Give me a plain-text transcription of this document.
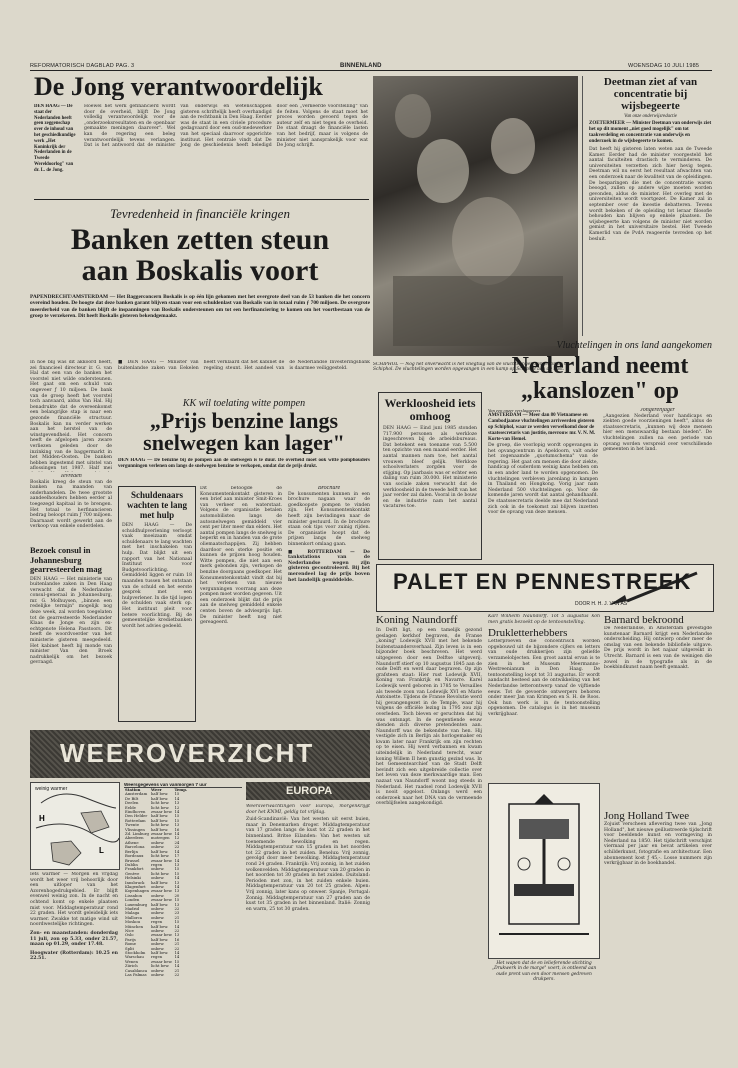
REFORMATORISCH DAGBLAD PAG. 3	BINNENLAND	WOENSDAG 10 JULI 1985
De Jong verantwoordelijk
DEN HAAG — De staat der Nederlanden heeft geen zeggenschap over de inhoud van het geschiedkundige werk „Het Koninkrijk der Nederlanden in de Tweede Wereldoorlog" van dr. L. de Jong.
Hoewel het werk gefinancierd wordt door de overheid, blijft De Jong volledig verantwoordelijk voor de „onderzoeksresultaten en de openbaar gemaakte meningen daarover". Wel kan de regering een beleg verantwoordelijk tevens verlangen. Dat is het antwoord dat de minister van onderwijs en wetenschappen gisteren schriftelijk heeft overhandigd aan de rechtbank in Den Haag. Eerder was de staat in een civiele procedure gedagvaard door een oud-medewerker van het speciaal daarvoor opgerichte instituut. Het centrale vindt dat De Jong de geschiedenis heeft beledigd door een „verkeerde voorstelling" van de feiten. Volgens de staat moet het proces worden gevoerd tegen de auteur zelf en niet tegen de overheid. De staat draagt de financiële lasten van het bedrijf, maar is volgens de minister niet aansprakelijk voor wat De Jong schrijft.
SCHIPHOL — Nog net onverwacht is het vliegtuig van de vluchtelingen aangekomen op Schiphol. De vluchtelingen worden opgevangen in een kamp op Schiphol aan de kust.
Deetman ziet af van concentratie bij wijsbegeerte
Van onze onderwijsredactie
ZOETERMEER — Minister Deetman van onderwijs ziet het op dit moment „niet goed mogelijk" om tot taakverdeling en concentratie van onderwijs en onderzoek in de wijsbegeerte te komen.
Dat heeft hij gisteren laten weten aan de Tweede Kamer. Eerder had de minister voorgesteld het aantal faculteiten drastisch te verminderen. De universiteiten verzetten zich hier hevig tegen. Deetman wil nu eerst het resultaat afwachten van een onderzoek naar de kwaliteit van de opleidingen. De besparingen die met de concentratie waren beoogd, zullen op andere wijze moeten worden gevonden, aldus de minister. Het overleg met de universiteiten wordt voortgezet. De Kamer zal in september over de kwestie debatteren. Tevens wordt bekeken of de opleiding tot leraar filosofie behouden kan blijven op enkele plaatsen. De wijsbegeerte kan volgens de minister niet worden gemist in het universitaire bestel. Het Tweede Kamerlid van de PvdA reageerde tevreden op het besluit.
Tevredenheid in financiële kringen
Banken zetten steun
aan Boskalis voort
PAPENDRECHT/AMSTERDAM — Het Baggerconcern Boskalis is op één lijn gekomen met het overgrote deel van de 53 banken die het concern overeind houden. De hoogte dat deze banken garant blijven staan voor een schuldenlast van Boskalis van in totaal ruim ƒ 700 miljoen. De overgrote meerderheid van de banken blijft de inspanningen van Boskalis ondersteunen om tot een herfinanciering te komen om het voortbestaan van de groep te verzekeren. Dit heeft Boskalis gisteren bekendgemaakt.
In hoe blij was dit akkoord heeft, zei financieel directeur ir. G. van Hal dat een van de banken het voorstel niet wilde ondersteunen. Het gaat om een schuld van ongeveer ƒ 10 miljoen. De bank van de groep heeft het voorstel toch aanvaard, aldus Van Hal. Hij benadrukte dat de overeenkomst een belangrijke stap is naar een gezonde financiële structuur. Boskalis kan nu verder werken aan het herstel van de winstgevendheid. Het concern heeft de afgelopen jaren zware verliezen geleden door de inzinking van de baggermarkt in het Midden-Oosten. De banken hebben ingestemd met uitstel van aflossingen tot 1987. Half mei
Tevreden
Boskalis kreeg de steun van de banken na maanden van onderhandelen. De twee grootste aandeelhouders hebben eerder al toegezegd kapitaal in te brengen. Het totaal te herfinancieren bedrag beloopt ruim ƒ 700 miljoen. Daarnaast wordt gewerkt aan de verkoop van enkele onderdelen.
■ DEN HAAG — Minister van buitenlandse zaken van Eekelen heeft verklaard dat het kabinet de regeling steunt. Het aandeel van de Nederlandse Investeringsbank is daarmee veiliggesteld.
Bezoek consul in Johannesburg gearresteerden mag
DEN HAAG — Het ministerie van buitenlandse zaken in Den Haag verwacht dat de Nederlandse consul-generaal in Johannesburg, mr. G. Molhuysen, „binnen een redelijke termijn" mogelijk nog deze week, zal worden toegelaten tot de gearresteerde Nederlander Klaas de Jonge en zijn ex-echtgenote Helena Passtoors. Dit heeft de woordvoerder van het ministerie gisteren meegedeeld. Het kabinet heeft bij monde van minister Van den Broek nadrukkelijk om het bezoek gevraagd.
KK wil toelating witte pompen
„Prijs benzine langs
snelwegen kan lager"
DEN HAAG — De benzine bij de pompen aan de snelwegen is te duur. De overheid moet ook witte pomphouders vergunningen verlenen om langs de snelwegen benzine te verkopen, omdat dat de prijs drukt.
Schuldenaars wachten te lang met hulp
DEN HAAG — De schuldhulpverlening verloopt vaak moeizaam omdat schuldenaars te lang wachten met het inschakelen van hulp. Dat blijkt uit een rapport van het Nationaal Instituut voor Budgetvoorlichting. Gemiddeld liggen er ruim 18 maanden tussen het ontstaan van de schuld en het eerste gesprek met een hulpverlener. In die tijd lopen de schulden vaak sterk op. Het instituut pleit voor betere voorlichting. Bij de gemeentelijke kredietbanken wordt het advies gedeeld.
Dit betoogde de Konsumentenkontakt gisteren in een brief aan minister Smit-Kroes van verkeer en waterstaat. Volgens de organisatie betalen automobilisten langs de autosnelwegen gemiddeld vier cent per liter meer dan elders. Het aantal pompen langs de snelweg is beperkt en in handen van de grote oliemaatschappijen. Zij hebben daardoor een sterke positie en kunnen de prijzen hoog houden. Witte pompen, die niet aan een merk gebonden zijn, verkopen de benzine doorgaans goedkoper. Het Konsumentenkontakt vindt dat bij het verlenen van nieuwe vergunningen voorrang aan deze pompen moet worden gegeven. Uit een onderzoek blijkt dat de prijs aan de snelweg gemiddeld enkele centen boven de adviesprijs ligt. De minister heeft nog niet gereageerd.
Brochure
De konsumenten kunnen in een brochure nagaan waar de goedkoopste pompen te vinden zijn. Het Konsumentenkontakt heeft zijn bevindingen naar de minister gestuurd. In de brochure staan ook tips voor zuinig rijden. De organisatie hoopt dat de prijzen langs de snelweg binnenkort omlaag gaan.
■ ROTTERDAM — De tankstations van de Nederlandse wegen zijn gisteren gecontroleerd. Bij het merendeel lag de prijs boven het landelijk gemiddelde.
Werkloosheid iets omhoog
DEN HAAG — Eind juni 1985 stonden 717.900 personen als werkloze ingeschreven bij de arbeidsbureaus. Dat betekent een toename van 5.500 ten opzichte van een maand eerder. Het aantal mannen nam toe, het aantal vrouwen bleef gelijk. Werkloze schoolverlaters zorgden voor de stijging. Op jaarbasis was er echter een daling van ruim 30.000. Het ministerie van sociale zaken verwacht dat de werkloosheid in de tweede helft van het jaar verder zal dalen. Vooral in de bouw en de industrie nam het aantal vacatures toe.
Vluchtelingen in ons land aangekomen
Nederland neemt
„kanslozen" op
Van een onzer verslaggevers
AMSTERDAM — Meer dan 80 Vietnamese en Cambodjaanse vluchtelingen arriveerden gisteren op Schiphol, waar ze werden verwelkomd door de staatssecretaris van justitie, mevrouw mr. V. N. M. Korte-van Hemel.
De groep, die voorlopig wordt opgevangen in het opvangcentrum in Apeldoorn, valt onder het zogenaamde „quotumschema" van de regering. Het gaat om mensen die door ziekte, handicap of ouderdom weinig kans hebben om in een ander land te worden opgenomen. De vluchtelingen verbleven jarenlang in kampen in Thailand en Hongkong. Vorig jaar nam Nederland 500 vluchtelingen op. Voor de komende jaren wordt dat aantal gehandhaafd. De staatssecretaris deelde mee dat Nederland zich ook in de toekomst zal blijven inzetten voor de opvang van deze mensen.
Jongerenjager
„Aangezien Nederland voor handicaps en ziekten goede voorzieningen heeft", aldus de staatssecretaris, „kunnen wij deze mensen hier een menswaardig bestaan bieden". De vluchtelingen zullen na een periode van opvang worden verspreid over verschillende gemeenten in het land.
PALET EN PENNESTREEK
DOOR H. H. J. VAN AS
Koning Naundorff
In Delft ligt, op een tamelijk gezond geslagen kerkhof begraven, de Franse „koning" Lodewijk XVII met het bekende buitenstaandersverhaal. Zijn leven is in een bijzonder boek beschreven. Het werd uitgegeven door een Delftse uitgeverij. Naundorff stierf op 10 augustus 1845 aan de oude Delft en werd daar begraven. Op zijn grafsteen staat: Hier rust Lodewijk XVII, Koning van Frankrijk en Navarre. Karel Lodewijk werd geboren in 1785 te Versailles als tweede zoon van Lodewijk XVI en Marie Antoinette. Tijdens de Franse Revolutie werd hij gevangengezet in de Temple, waar hij volgens de officiële lezing in 1795 zou zijn overleden. Toch bleven er geruchten dat hij was ontsnapt. In de negentiende eeuw dienden zich diverse pretendenten aan. Naundorff was de bekendste van hen. Hij vestigde zich in Berlijn als horlogemaker en kwam later naar Frankrijk om zijn rechten op te eisen. Hij werd verbannen en kwam uiteindelijk in Nederland terecht, waar koning Willem II hem gunstig gezind was. In het Gemeentearchief van de Stadt Delft bevindt zich een uitgebreide collectie over het leven van deze merkwaardige man. Een nazaat van Naundorff woont nog steeds in Nederland. Het raadsel rond Lodewijk XVII is nooit opgelost. Onlangs werd een onderzoek naar het DNA van de vermeende overblijfselen aangekondigd.
Karl Wilhelm Naundorff. Tot 5 augustus kon men gratis bezoekt op de tentoonstelling.
Drukletterhebbers
Letterproeven die concentrisch worden opgebouwd uit de bijzondere cijfers en letters van oude drukkerijen zijn geliefde verzamelobjecten. Een groot aantal ervan is te zien in het Museum Meermanno-Westreenianum in Den Haag. De tentoonstelling loopt tot 31 augustus. Er wordt aandacht besteed aan de ontwikkeling van het Nederlandse letterontwerp vanaf de vijftiende eeuw. Tot de gevoerde ontwerpers behoren onder meer Jan van Krimpen en S. H. de Roos. Ook hun werk is in de tentoonstelling opgenomen. De catalogus is in het museum verkrijgbaar.
Het wapen dat de en lelieferende stichting „Drukwerk in de marge" voert, is ontleend aan oude prent van een door mensen gedreven drukpers.
Barnard bekroond
De Nederlandse, in Amsterdam gevestigde kunstenaar Barnard krijgt een Nederlandse onderscheiding. Hij ontwierp onder meer de omslag van een bekende bibliofiele uitgave. De prijs wordt in het najaar uitgereikt in Utrecht. Barnard is een van de weinigen die zowel in de typografie als in de boekbindkunst naam heeft gemaakt.
Jong Holland Twee
Zojuist verscheen aflevering twee van „Jong Holland", het nieuwe geillustreerde tijdschrift voor beeldende kunst en vormgeving in Nederland na 1850. Het tijdschrift verschijnt viermaal per jaar en bevat artikelen over schilderkunst, fotografie en architectuur. Een abonnement kost ƒ 45,-. Losse nummers zijn verkrijgbaar in de boekhandel.
WEEROVERZICHT
H
L
weinig warmer
Iets warmer — Morgen en vrijdag wordt het weer vrij behoorlijk door een uitloper van het Azorenhogedrukgebied. Er blijft evenwel weinig zon. In de nacht en ochtend komt op enkele plaatsen mist voor. Middagtemperatuur rond 22 graden. Het wordt geleidelijk iets warmer. Zwakke tot matige wind uit noordwestelijke richtingen.
Zon- en maanstanden: donderdag 11 juli, zon op 5.33, onder 21.57, maan op 01.29, onder 17.48.
Hoogwater (Rotterdam): 10.25 en 22.51.
Weersgegevens van vanmorgen 7 uur
Station	Weer	Temp.
Amsterdam	half bew.	15
De Bilt	half bew.	14
Deelen	licht bew.	13
Eelde	licht bew.	12
Eindhoven	zwaar bew.	14
Den Helder	half bew.	15
Rotterdam	half bew.	15
Twente	licht bew.	13
Vlissingen	half bew.	16
Zd. Limburg	zwaar bew.	14
Aberdeen	motregen	12
Athene	onbew.	24
Barcelona	onbew.	22
Berlijn	half bew.	14
Bordeaux	licht bew.	17
Brussel	zwaar bew.	14
Dublin	regen	13
Frankfort	onbew.	15
Genève	licht bew.	15
Helsinki	onbew.	14
Innsbruck	half bew.	13
Klagenfurt	onbew.	14
Kopenhagen	zwaar bew.	13
Lissabon	onbew.	20
Londen	zwaar bew.	15
Luxemburg	half bew.	13
Madrid	onbew.	22
Malaga	onbew.	23
Mallorca	onbew.	21
Moskou	regen	15
München	half bew.	14
Nice	onbew.	22
Oslo	zwaar bew.	13
Parijs	half bew.	16
Rome	onbew.	21
Split	onbew.	22
Stockholm	half bew.	14
Warschau	regen	14
Wenen	zwaar bew.	15
Zürich	licht bew.	14
Casablanca	onbew.	21
Las Palmas	onbew.	22
EUROPA
Weersverwachtingen voor Europa, morgenkrijgt door het KNMI, geldig tot vrijdag.
Zuid-Scandinavië: Van het westen uit eerst buien, maar in Denemarken droger. Middagtemperatuur van 17 graden langs de kust tot 22 graden in het binnenland. Britse Eilanden: Van het westen uit toenemende bewolking en regen. Middagtemperatuur van 15 graden in het noorden tot 22 graden in het zuiden. Benelux: Vrij zonnig, gevolgd door meer bewolking. Middagtemperatuur rond 24 graden. Frankrijk: Vrij zonnig, in het zuiden wolkenvelden. Middagtemperatuur van 20 graden in het noorden tot 30 graden in het zuiden. Duitsland: Perioden met zon, in het zuiden enkele buien. Middagtemperatuur van 20 tot 25 graden. Alpen: Vrij zonnig, later kans op onweer. Spanje, Portugal: Zonnig. Middagtemperatuur van 27 graden aan de kust tot 35 graden in het binnenland. Italië: Zonnig en warm, 25 tot 30 graden.
